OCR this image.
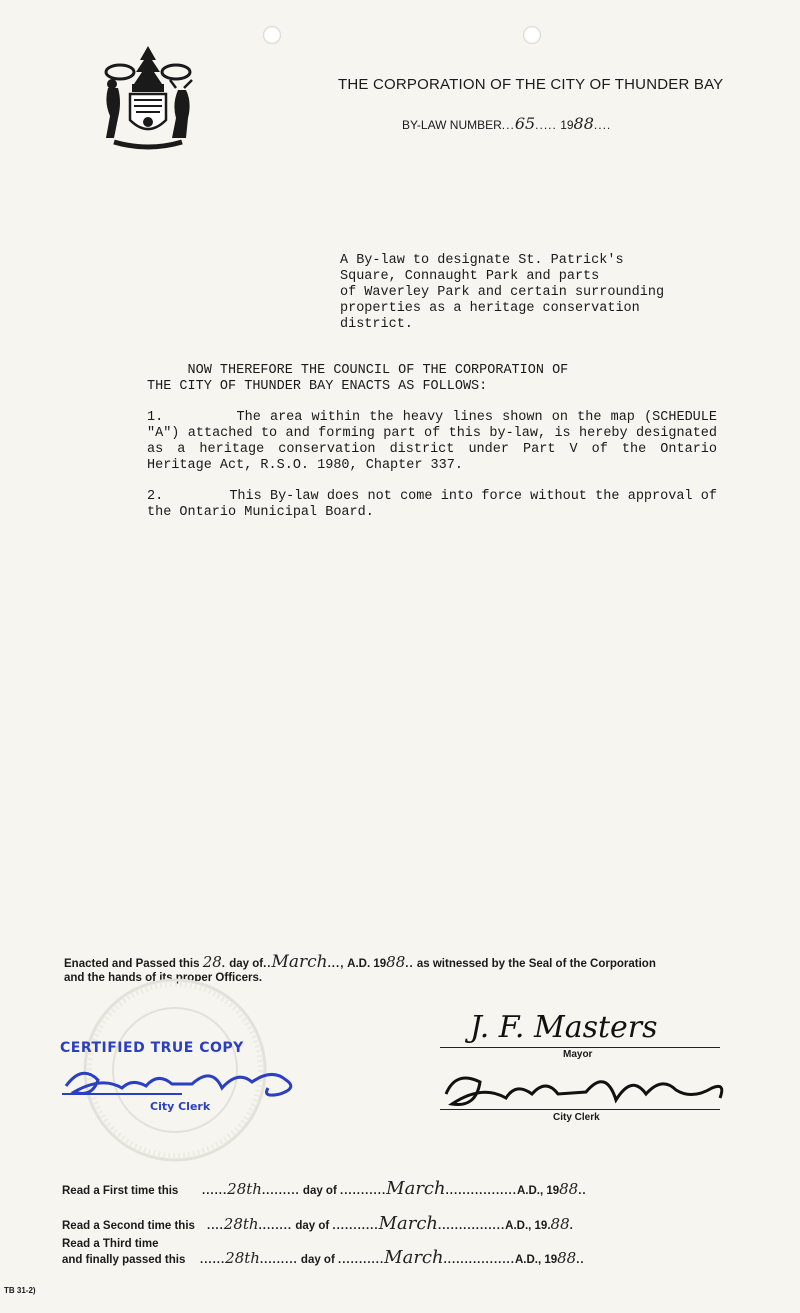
THE CORPORATION OF THE CITY OF THUNDER BAY
BY-LAW NUMBER...65..... 1988....
A By-law to designate St. Patrick's
Square, Connaught Park and parts
of Waverley Park and certain surrounding
properties as a heritage conservation
district.
NOW THEREFORE THE COUNCIL OF THE CORPORATION OF
THE CITY OF THUNDER BAY ENACTS AS FOLLOWS:

1.	The area within the heavy lines shown on the map (SCHEDULE "A") attached to and forming part of this by-law, is hereby designated as a heritage conservation district under Part V of the Ontario Heritage Act, R.S.O. 1980, Chapter 337.

2.	This By-law does not come into force without the approval of the Ontario Municipal Board.

Enacted and Passed this 28. day of..March..., A.D. 1988.. as witnessed by the Seal of the Corporation
and the hands of its proper Officers.
CERTIFIED TRUE COPY
City Clerk
J. F. Masters
Mayor
City Clerk
Read a First time this ......28th......... day of ...........March.................A.D., 1988..
Read a Second time this ....28th........ day of ...........March................A.D., 19.88.
Read a Third time
and finally passed this ......28th......... day of ...........March.................A.D., 1988..
TB 31-2)
